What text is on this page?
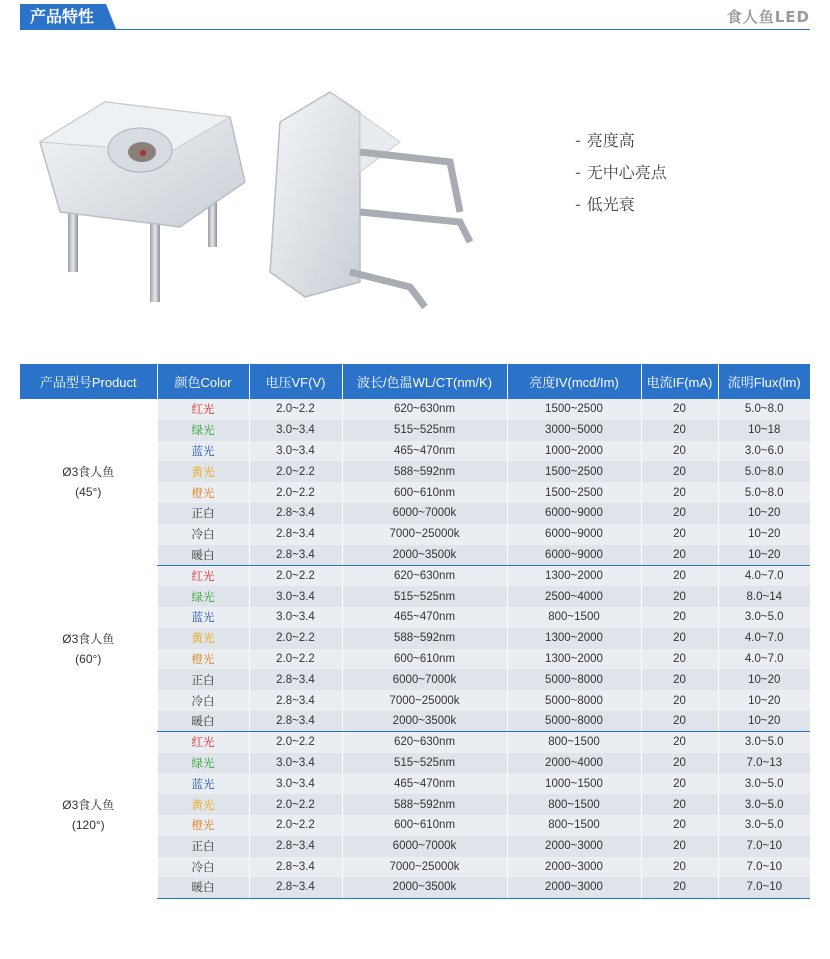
产品特性	食人鱼LED
- 亮度高
- 无中心亮点
- 低光衰
产品型号Product	颜色Color	电压VF(V)	波长/色温WL/CT(nm/K)	亮度IV(mcd/Im)	电流IF(mA)	流明Flux(lm)

Ø3食人鱼
(45°)	红光	2.0~2.2	620~630nm	1500~2500	20	5.0~8.0
	绿光	3.0~3.4	515~525nm	3000~5000	20	10~18
	蓝光	3.0~3.4	465~470nm	1000~2000	20	3.0~6.0
	黄光	2.0~2.2	588~592nm	1500~2500	20	5.0~8.0
	橙光	2.0~2.2	600~610nm	1500~2500	20	5.0~8.0
	正白	2.8~3.4	6000~7000k	6000~9000	20	10~20
	冷白	2.8~3.4	7000~25000k	6000~9000	20	10~20
	暖白	2.8~3.4	2000~3500k	6000~9000	20	10~20

Ø3食人鱼
(60°)	红光	2.0~2.2	620~630nm	1300~2000	20	4.0~7.0
	绿光	3.0~3.4	515~525nm	2500~4000	20	8.0~14
	蓝光	3.0~3.4	465~470nm	800~1500	20	3.0~5.0
	黄光	2.0~2.2	588~592nm	1300~2000	20	4.0~7.0
	橙光	2.0~2.2	600~610nm	1300~2000	20	4.0~7.0
	正白	2.8~3.4	6000~7000k	5000~8000	20	10~20
	冷白	2.8~3.4	7000~25000k	5000~8000	20	10~20
	暖白	2.8~3.4	2000~3500k	5000~8000	20	10~20

Ø3食人鱼
(120°)	红光	2.0~2.2	620~630nm	800~1500	20	3.0~5.0
	绿光	3.0~3.4	515~525nm	2000~4000	20	7.0~13
	蓝光	3.0~3.4	465~470nm	1000~1500	20	3.0~5.0
	黄光	2.0~2.2	588~592nm	800~1500	20	3.0~5.0
	橙光	2.0~2.2	600~610nm	800~1500	20	3.0~5.0
	正白	2.8~3.4	6000~7000k	2000~3000	20	7.0~10
	冷白	2.8~3.4	7000~25000k	2000~3000	20	7.0~10
	暖白	2.8~3.4	2000~3500k	2000~3000	20	7.0~10
